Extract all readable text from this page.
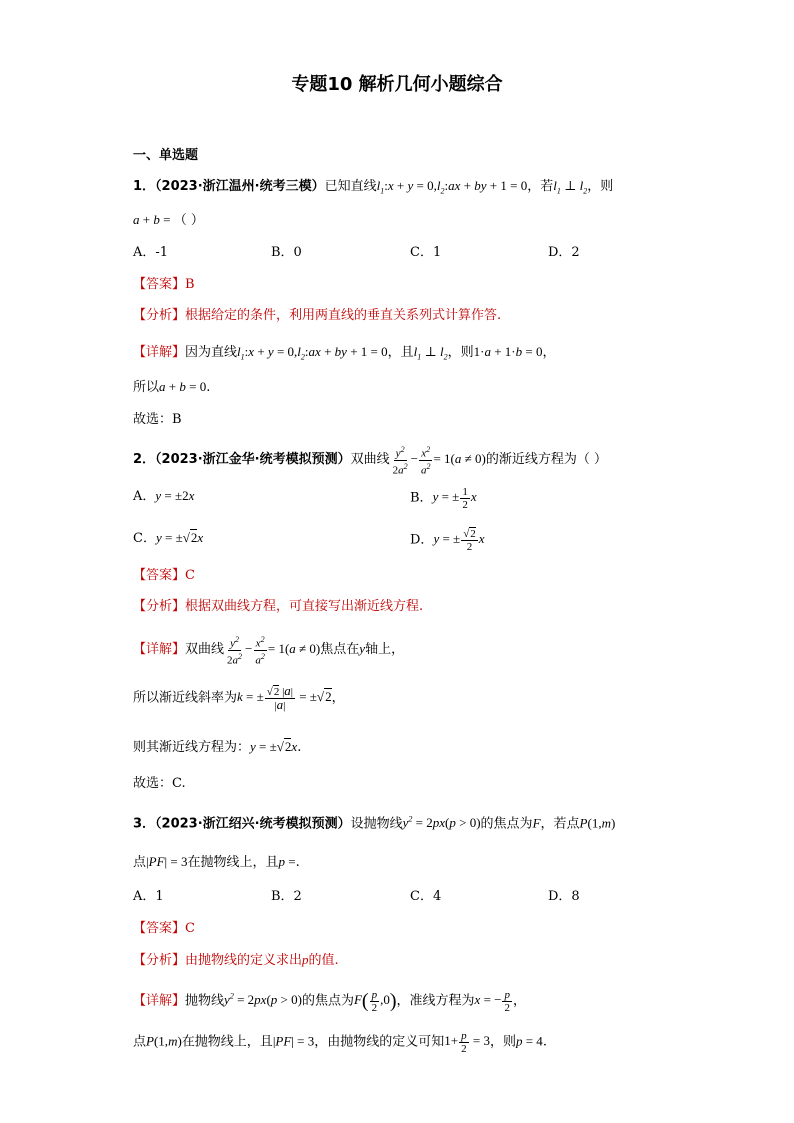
专题10 解析几何小题综合
一、单选题
1．（2023·浙江温州·统考三模）已知直线$l_1:x + y$ = $0,l_2:ax$ + by + 1 = 0，若$l_1$ ⊥ $l_2$，则
a + b = （ ）
A．-1	B．0	C．1	D．2
【答案】B
【分析】根据给定的条件，利用两直线的垂直关系列式计算作答.
【详解】因为直线$l_1:x + y$ = $0,l_2:ax$ + by + 1 = 0，且$l_1$ ⊥ $l_2$，则1·a + 1·b = 0，
所以a + b = 0.
故选：B
2．（2023·浙江金华·统考模拟预测）双曲线 $\frac{y^2}{2a^2} - \frac{x^2}{a^2} = 1(a \ne 0)$的渐近线方程为（ ）
A．y = ±2x	B．y = ± $\frac{1}{2}$ x
C．y = ±√2x	D．y = ± $\frac{√2}{2}$ x
【答案】C
【分析】根据双曲线方程，可直接写出渐近线方程.
【详解】双曲线 $\frac{y^2}{2a^2} - \frac{x^2}{a^2} = 1(a \ne 0)$焦点在y轴上，
所以渐近线斜率为k = ± $\frac{√2 |a|}{|a|} = \pm√2$，
则其渐近线方程为：y = ±√2x.
故选：C.
3．（2023·浙江绍兴·统考模拟预测）设抛物线$y^2 = 2px(p > 0)$的焦点为F，若点P(1,m)
点|PF| = 3在抛物线上，且p =.
A．1	B．2	C．4	D．8
【答案】C
【分析】由抛物线的定义求出p的值.
【详解】抛物线$y^2 = 2px(p > 0)$的焦点为$F( \frac{p}{2} ,0)$，准线方程为x = − $\frac{p}{2}$ ，
点P(1,m)在抛物线上，且|PF| = 3，由抛物线的定义可知$1+ \frac{p}{2} = 3$，则p = 4.
